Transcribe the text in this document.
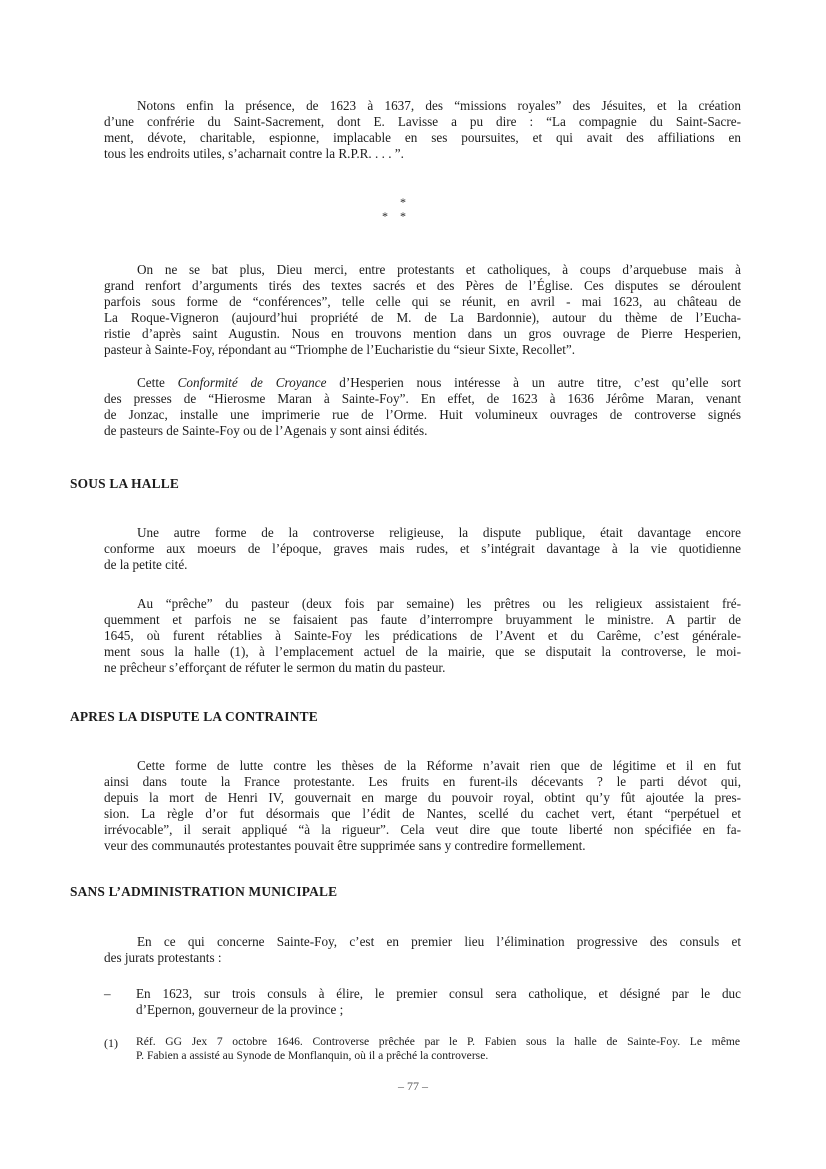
Notons enfin la présence, de 1623 à 1637, des “missions royales” des Jésuites, et la création
d’une confrérie du Saint-Sacrement, dont E. Lavisse a pu dire : “La compagnie du Saint-Sacre-
ment, dévote, charitable, espionne, implacable en ses poursuites, et qui avait des affiliations en
tous les endroits utiles, s’acharnait contre la R.P.R. . . . ”.
*
*    *
On ne se bat plus, Dieu merci, entre protestants et catholiques, à coups d’arquebuse mais à
grand renfort d’arguments tirés des textes sacrés et des Pères de l’Église. Ces disputes se déroulent
parfois sous forme de “conférences”, telle celle qui se réunit, en avril - mai 1623, au château de
La Roque-Vigneron (aujourd’hui propriété de M. de La Bardonnie), autour du thème de l’Eucha-
ristie d’après saint Augustin. Nous en trouvons mention dans un gros ouvrage de Pierre Hesperien,
pasteur à Sainte-Foy, répondant au “Triomphe de l’Eucharistie du “sieur Sixte, Recollet”.
Cette Conformité de Croyance d’Hesperien nous intéresse à un autre titre, c’est qu’elle sort
des presses de “Hierosme Maran à Sainte-Foy”. En effet, de 1623 à 1636 Jérôme Maran, venant
de Jonzac, installe une imprimerie rue de l’Orme. Huit volumineux ouvrages de controverse signés
de pasteurs de Sainte-Foy ou de l’Agenais y sont ainsi édités.
SOUS LA HALLE
Une autre forme de la controverse religieuse, la dispute publique, était davantage encore
conforme aux moeurs de l’époque, graves mais rudes, et s’intégrait davantage à la vie quotidienne
de la petite cité.
Au “prêche” du pasteur (deux fois par semaine) les prêtres ou les religieux assistaient fré-
quemment et parfois ne se faisaient pas faute d’interrompre bruyamment le ministre. A partir de
1645, où furent rétablies à Sainte-Foy les prédications de l’Avent et du Carême, c’est générale-
ment sous la halle (1), à l’emplacement actuel de la mairie, que se disputait la controverse, le moi-
ne prêcheur s’efforçant de réfuter le sermon du matin du pasteur.
APRES LA DISPUTE LA CONTRAINTE
Cette forme de lutte contre les thèses de la Réforme n’avait rien que de légitime et il en fut
ainsi dans toute la France protestante. Les fruits en furent-ils décevants ? le parti dévot qui,
depuis la mort de Henri IV, gouvernait en marge du pouvoir royal, obtint qu’y fût ajoutée la pres-
sion. La règle d’or fut désormais que l’édit de Nantes, scellé du cachet vert, étant “perpétuel et
irrévocable”, il serait appliqué “à la rigueur”. Cela veut dire que toute liberté non spécifiée en fa-
veur des communautés protestantes pouvait être supprimée sans y contredire formellement.
SANS L’ADMINISTRATION MUNICIPALE
En ce qui concerne Sainte-Foy, c’est en premier lieu l’élimination progressive des consuls et
des jurats protestants :
– En 1623, sur trois consuls à élire, le premier consul sera catholique, et désigné par le duc
d’Epernon, gouverneur de la province ;
(1) Réf. GG Jex 7 octobre 1646. Controverse prêchée par le P. Fabien sous la halle de Sainte-Foy. Le même
P. Fabien a assisté au Synode de Monflanquin, où il a prêché la controverse.
– 77 –
